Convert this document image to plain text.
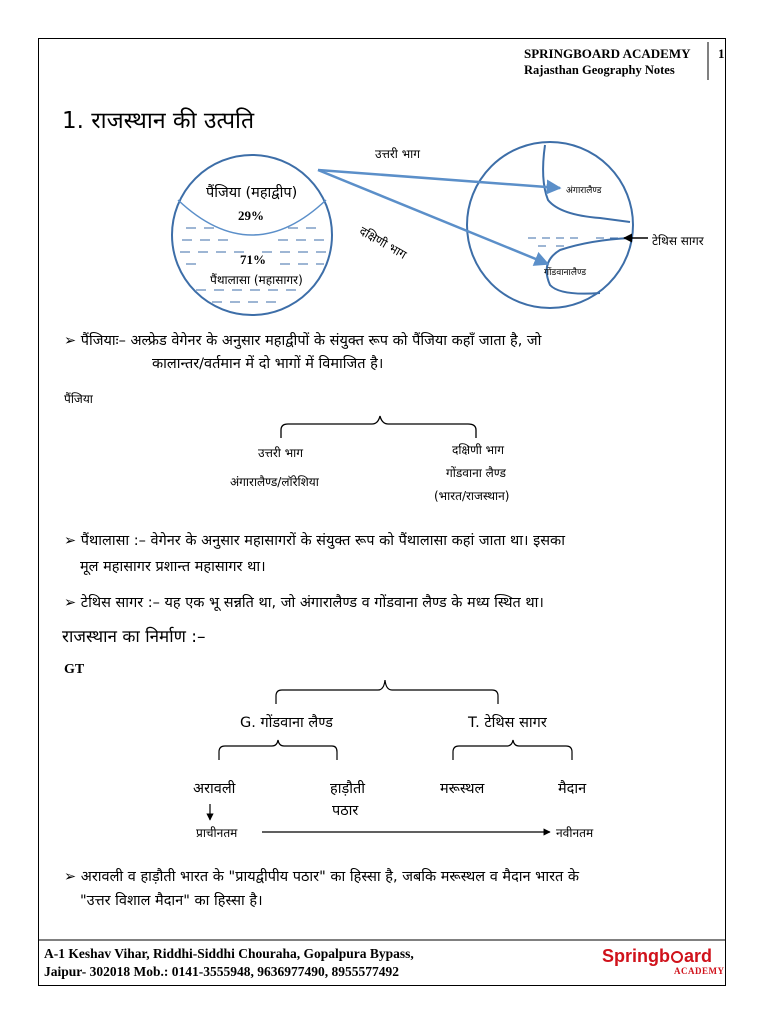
SPRINGBOARD ACADEMY
Rajasthan Geography Notes
1
1. राजस्थान की उत्पति
पैंजिया (महाद्वीप)
29%
71%
पैंथालासा (महासागर)
उत्तरी भाग
दक्षिणी भाग
अंगारालैण्ड
गोंडवानालैण्ड
टेथिस सागर
➢ पैंजियाः– अल्फ्रेड वेगेनर के अनुसार महाद्वीपों के संयुक्त रूप को पैंजिया कहाँ जाता है, जो
कालान्तर/वर्तमान में दो भागों में विमाजित है।
पैंजिया
उत्तरी भाग
अंगारालैण्ड/लॉरेशिया
दक्षिणी भाग
गोंडवाना लैण्ड
(भारत/राजस्थान)
➢ पैंथालासा :– वेगेनर के अनुसार महासागरों के संयुक्त रूप को पैंथालासा कहां जाता था। इसका
मूल महासागर प्रशान्त महासागर था।
➢ टेथिस सागर :– यह एक भू सन्नति था, जो अंगारालैण्ड व गोंडवाना लैण्ड के मध्य स्थित था।
राजस्थान का निर्माण :–
GT
G. गोंडवाना लैण्ड	T. टेथिस सागर
अरावली	हाड़ौती
पठार
मरूस्थल	मैदान
प्राचीनतम	नवीनतम
➢ अरावली व हाड़ौती भारत के "प्रायद्वीपीय पठार" का हिस्सा है, जबकि मरूस्थल व मैदान भारत के
"उत्तर विशाल मैदान" का हिस्सा है।
A-1 Keshav Vihar, Riddhi-Siddhi Chouraha, Gopalpura Bypass,
Jaipur- 302018 Mob.: 0141-3555948, 9636977490, 8955577492
Springb ard
ACADEMY
